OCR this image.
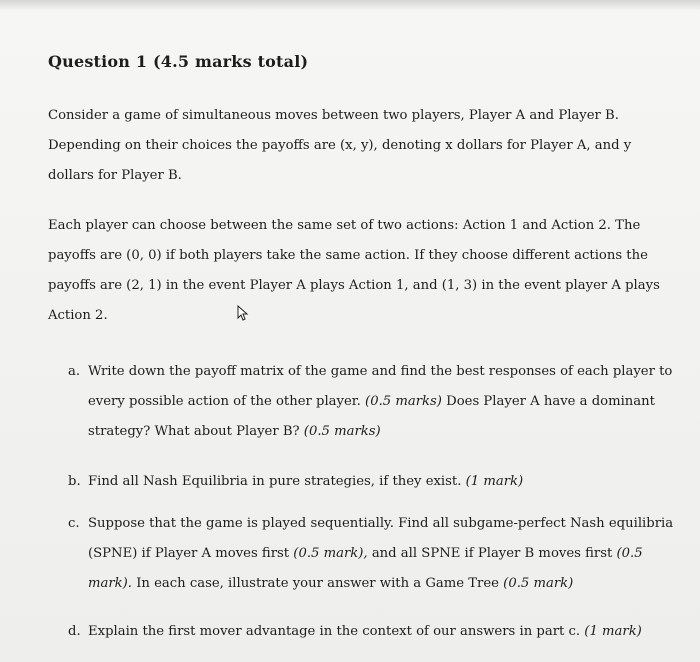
Question 1 (4.5 marks total)

Consider a game of simultaneous moves between two players, Player A and Player B.
Depending on their choices the payoffs are (x, y), denoting x dollars for Player A, and y
dollars for Player B.

Each player can choose between the same set of two actions: Action 1 and Action 2. The
payoffs are (0, 0) if both players take the same action. If they choose different actions the
payoffs are (2, 1) in the event Player A plays Action 1, and (1, 3) in the event player A plays
Action 2.

a. Write down the payoff matrix of the game and find the best responses of each player to
every possible action of the other player. (0.5 marks) Does Player A have a dominant
strategy? What about Player B? (0.5 marks)
b. Find all Nash Equilibria in pure strategies, if they exist. (1 mark)
c. Suppose that the game is played sequentially. Find all subgame-perfect Nash equilibria
(SPNE) if Player A moves first (0.5 mark), and all SPNE if Player B moves first (0.5
mark). In each case, illustrate your answer with a Game Tree (0.5 mark)
d. Explain the first mover advantage in the context of our answers in part c. (1 mark)
